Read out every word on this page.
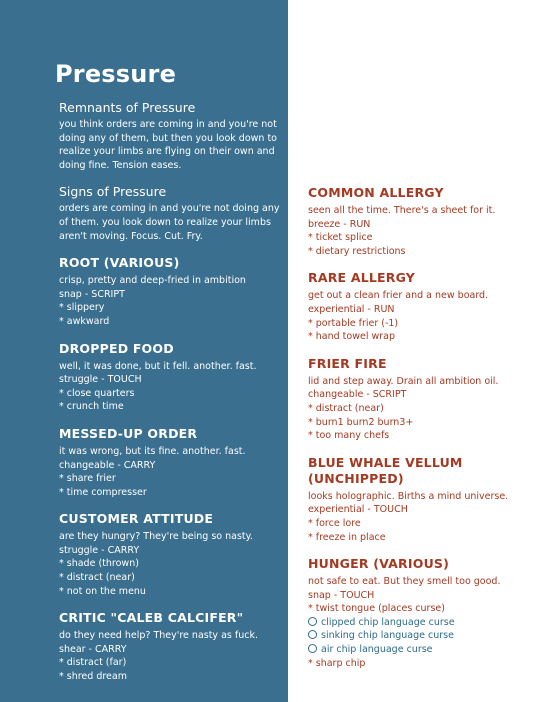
Pressure
Remnants of Pressure
you think orders are coming in and you're not doing any of them, but then you look down to realize your limbs are flying on their own and doing fine. Tension eases.
Signs of Pressure
orders are coming in and you're not doing any of them. you look down to realize your limbs aren't moving. Focus. Cut. Fry.
ROOT (VARIOUS)
crisp, pretty and deep-fried in ambition
snap - SCRIPT
* slippery
* awkward
DROPPED FOOD
well, it was done, but it fell. another. fast.
struggle - TOUCH
* close quarters
* crunch time
MESSED-UP ORDER
it was wrong, but its fine. another. fast.
changeable - CARRY
* share frier
* time compresser
CUSTOMER ATTITUDE
are they hungry? They're being so nasty.
struggle - CARRY
* shade (thrown)
* distract (near)
* not on the menu
CRITIC "CALEB CALCIFER"
do they need help? They're nasty as fuck.
shear - CARRY
* distract (far)
* shred dream
COMMON ALLERGY
seen all the time. There's a sheet for it.
breeze - RUN
* ticket splice
* dietary restrictions
RARE ALLERGY
get out a clean frier and a new board.
experiential - RUN
* portable frier (-1)
* hand towel wrap
FRIER FIRE
lid and step away. Drain all ambition oil.
changeable - SCRIPT
* distract (near)
* burn1 burn2 burn3+
* too many chefs
BLUE WHALE VELLUM (UNCHIPPED)
looks holographic. Births a mind universe.
experiential - TOUCH
* force lore
* freeze in place
HUNGER (VARIOUS)
not safe to eat. But they smell too good.
snap - TOUCH
* twist tongue (places curse)
clipped chip language curse
sinking chip language curse
air chip language curse
* sharp chip
